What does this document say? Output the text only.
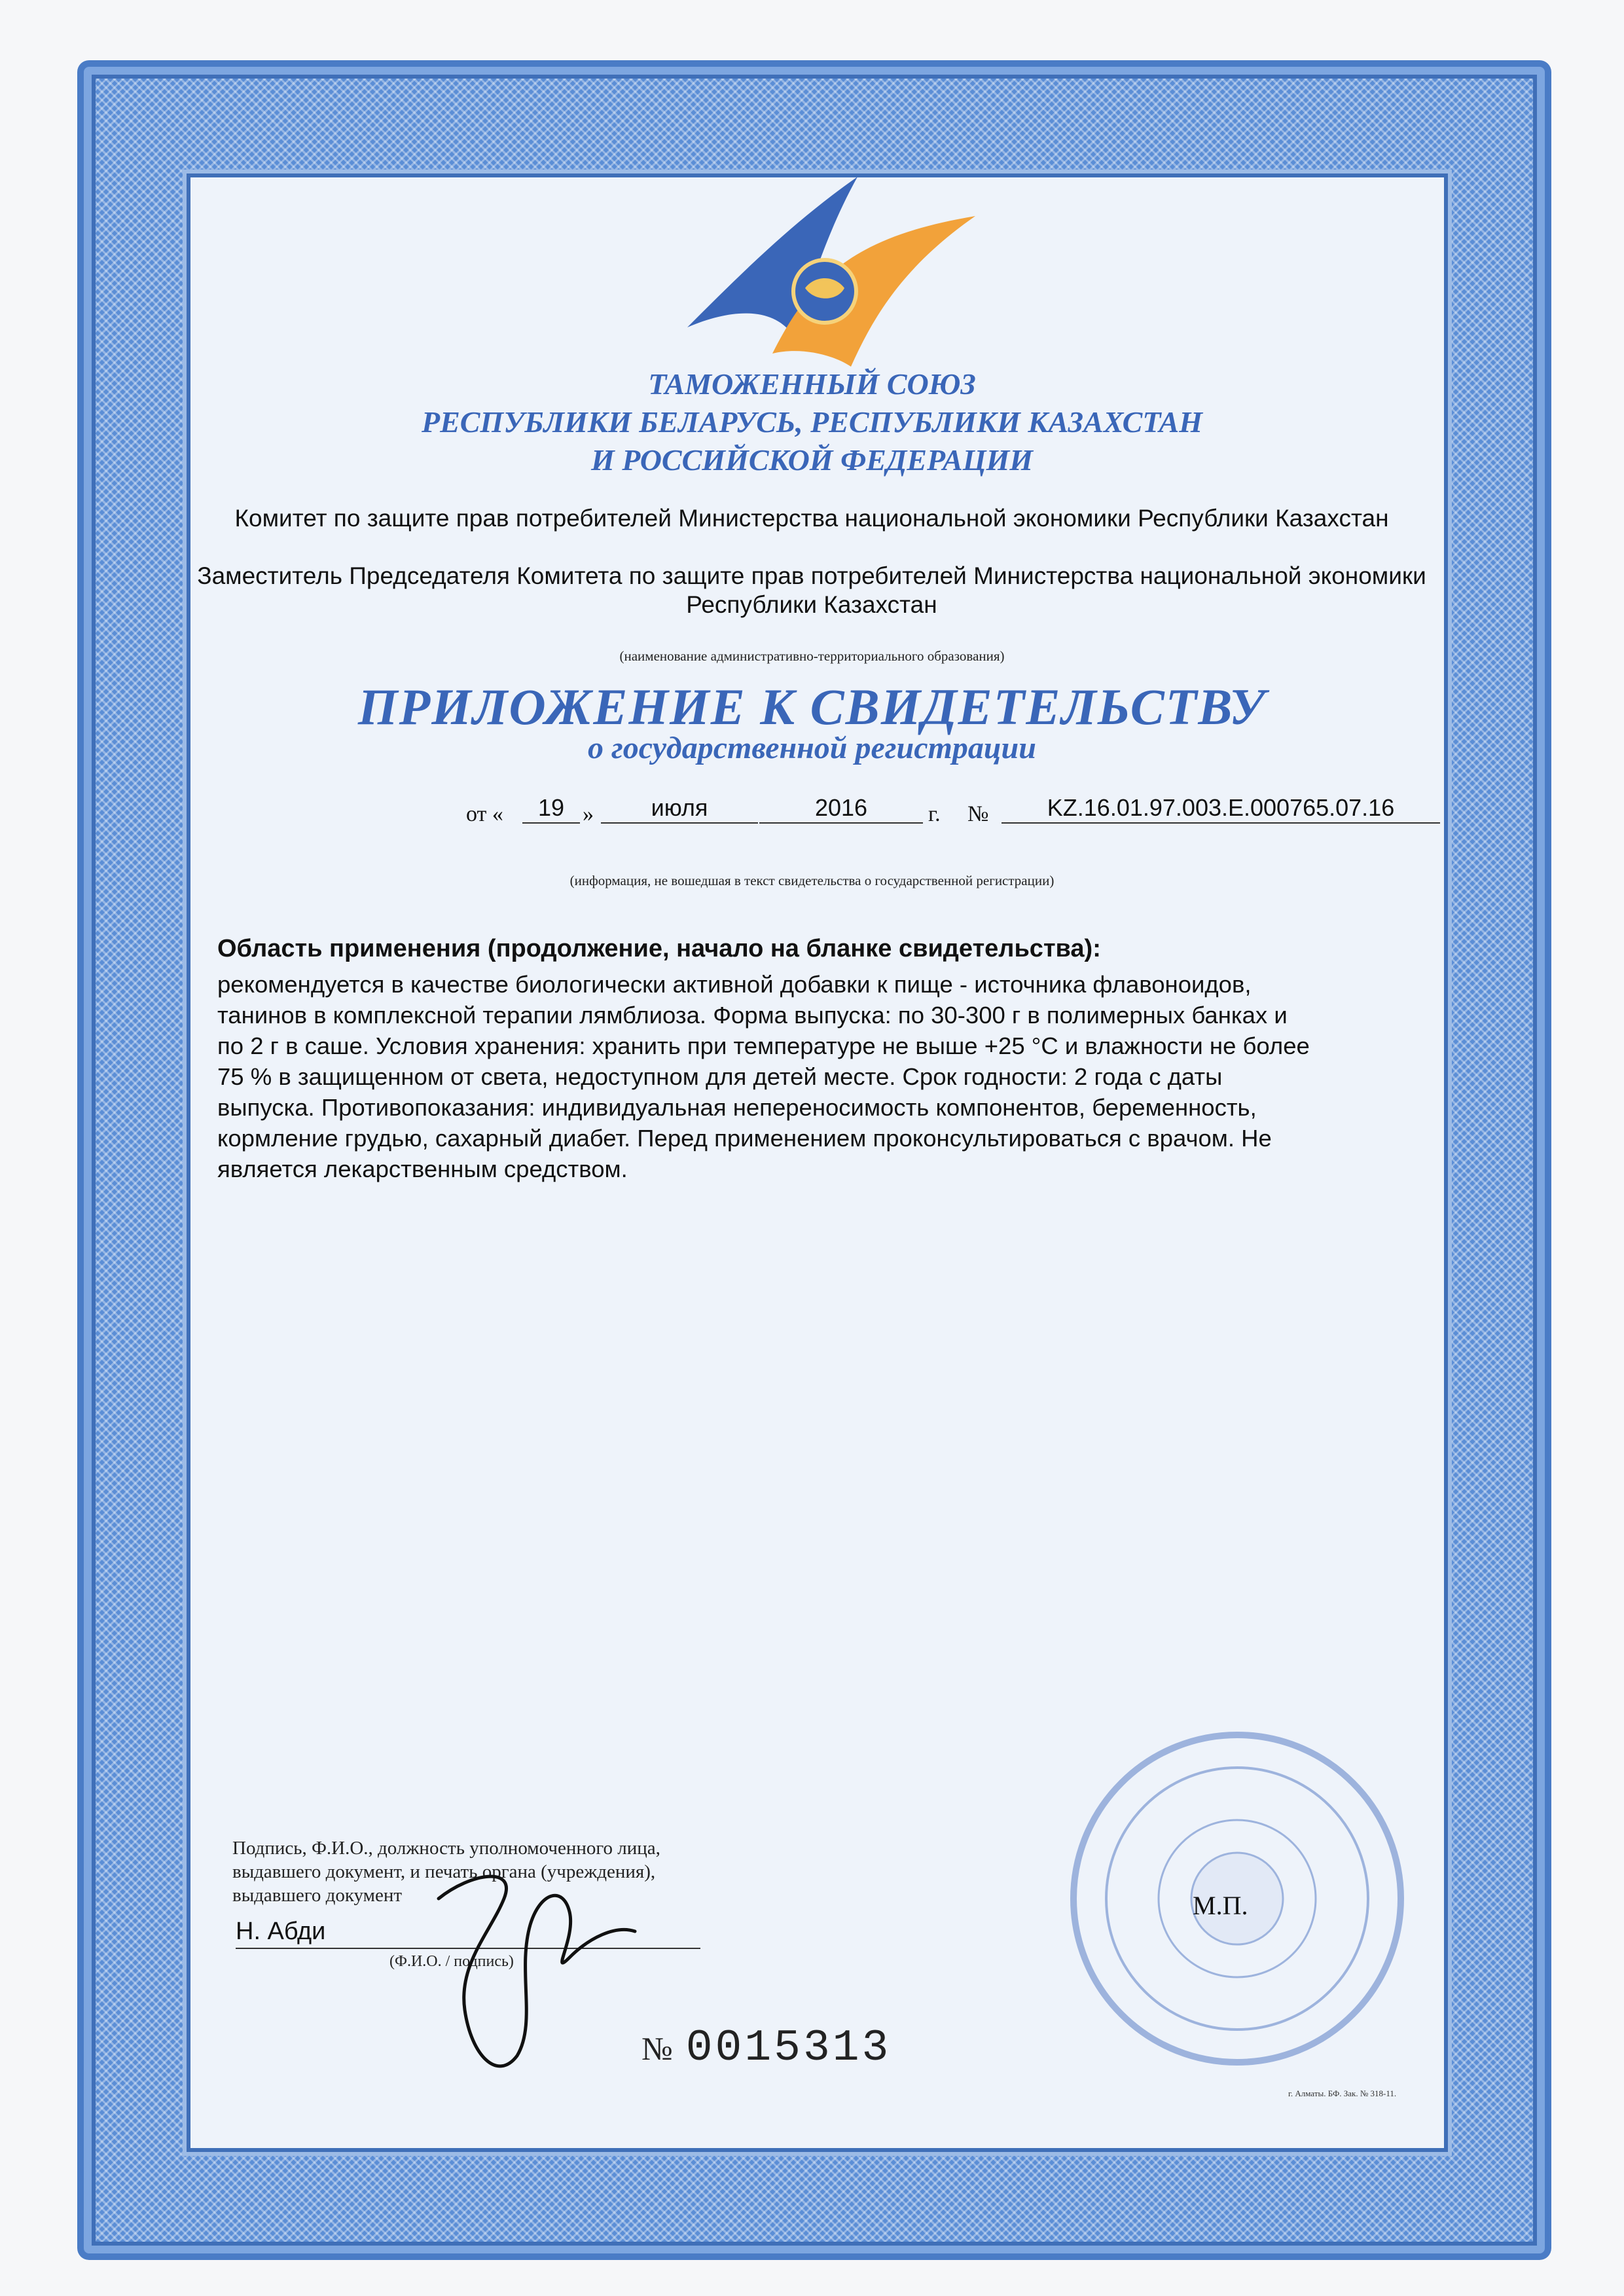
ТАМОЖЕННЫЙ СОЮЗ
РЕСПУБЛИКИ БЕЛАРУСЬ, РЕСПУБЛИКИ КАЗАХСТАН
И РОССИЙСКОЙ ФЕДЕРАЦИИ
Комитет по защите прав потребителей Министерства национальной экономики Республики Казахстан
Заместитель Председателя Комитета по защите прав потребителей Министерства национальной экономики Республики Казахстан
(наименование административно-территориального образования)
ПРИЛОЖЕНИЕ К СВИДЕТЕЛЬСТВУ
о государственной регистрации
от «	19 »	июля	2016	г. №	KZ.16.01.97.003.E.000765.07.16
(информация, не вошедшая в текст свидетельства о государственной регистрации)
Область применения (продолжение, начало на бланке свидетельства):
рекомендуется в качестве биологически активной добавки к пище - источника флавоноидов,
танинов в комплексной терапии лямблиоза. Форма выпуска: по 30-300 г в полимерных банках и
по 2 г в саше. Условия хранения: хранить при температуре не выше +25 °С и влажности не более
75 % в защищенном от света, недоступном для детей месте. Срок годности: 2 года с даты
выпуска. Противопоказания: индивидуальная непереносимость компонентов, беременность,
кормление грудью, сахарный диабет. Перед применением проконсультироваться с врачом. Не
является лекарственным средством.
Подпись, Ф.И.О., должность уполномоченного лица,
выдавшего документ, и печать органа (учреждения),
выдавшего документ
Н. Абди
(Ф.И.О. / подпись)
М.П.
№ 0015313
г. Алматы. БФ. Зак. № 318-11.
